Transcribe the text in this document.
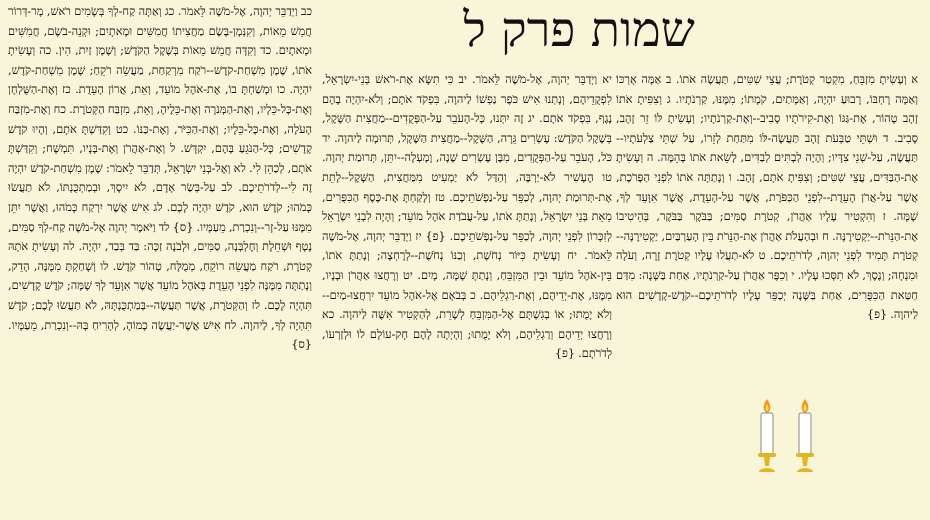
שמות פרק ל
א וְעָשִׂיתָ מִזְבֵּחַ, מִקְטַר קְטֹרֶת; עֲצֵי שִׁטִּים, תַּעֲשֶׂה אֹתוֹ. ב אַמָּה אָרְכּוֹ וְאַמָּה רָחְבּוֹ, רָבוּעַ יִהְיֶה, וְאַמָּתַיִם, קֹמָתוֹ; מִמֶּנּוּ, קַרְנֹתָיו. ג וְצִפִּיתָ אֹתוֹ זָהָב טָהוֹר, אֶת-גַּגּוֹ וְאֶת-קִירֹתָיו סָבִיב--וְאֶת-קַרְנֹתָיו; וְעָשִׂיתָ לּוֹ זֵר זָהָב, סָבִיב. ד וּשְׁתֵּי טַבְּעֹת זָהָב תַּעֲשֶׂה-לּוֹ מִתַּחַת לְזֵרוֹ, עַל שְׁתֵּי צַלְעֹתָיו--תַּעֲשֶׂה, עַל-שְׁנֵי צִדָּיו; וְהָיָה לְבָתִּים לְבַדִּים, לָשֵׂאת אֹתוֹ בָּהֵמָּה. ה וְעָשִׂיתָ אֶת-הַבַּדִּים, עֲצֵי שִׁטִּים; וְצִפִּיתָ אֹתָם, זָהָב. ו וְנָתַתָּה אֹתוֹ לִפְנֵי הַפָּרֹכֶת, אֲשֶׁר עַל-אֲרֹן הָעֵדֻת--לִפְנֵי הַכַּפֹּרֶת, אֲשֶׁר עַל-הָעֵדֻת, אֲשֶׁר אִוָּעֵד לְךָ, שָׁמָּה. ז וְהִקְטִיר עָלָיו אַהֲרֹן, קְטֹרֶת סַמִּים; בַּבֹּקֶר בַּבֹּקֶר, בְּהֵיטִיבוֹ אֶת-הַנֵּרֹת--יַקְטִירֶנָּה. ח וּבְהַעֲלֹת אַהֲרֹן אֶת-הַנֵּרֹת בֵּין הָעַרְבַּיִם, יַקְטִירֶנָּה--קְטֹרֶת תָּמִיד לִפְנֵי יְהוָה, לְדֹרֹתֵיכֶם. ט לֹא-תַעֲלוּ עָלָיו קְטֹרֶת זָרָה, וְעֹלָה וּמִנְחָה; וְנֶסֶךְ, לֹא תִסְּכוּ עָלָיו. י וְכִפֶּר אַהֲרֹן עַל-קַרְנֹתָיו, אַחַת בַּשָּׁנָה: מִדַּם חַטַּאת הַכִּפֻּרִים, אַחַת בַּשָּׁנָה יְכַפֵּר עָלָיו לְדֹרֹתֵיכֶם--קֹדֶשׁ-קָדָשִׁים הוּא לַיהוָה. {פ}
יא וַיְדַבֵּר יְהוָה, אֶל-מֹשֶׁה לֵּאמֹר. יב כִּי תִשָּׂא אֶת-רֹאשׁ בְּנֵי-יִשְׂרָאֵל, לִפְקֻדֵיהֶם, וְנָתְנוּ אִישׁ כֹּפֶר נַפְשׁוֹ לַיהוָה, בִּפְקֹד אֹתָם; וְלֹא-יִהְיֶה בָהֶם נֶגֶף, בִּפְקֹד אֹתָם. יג זֶה יִתְּנוּ, כָּל-הָעֹבֵר עַל-הַפְּקֻדִים--מַחֲצִית הַשֶּׁקֶל, בְּשֶׁקֶל הַקֹּדֶשׁ: עֶשְׂרִים גֵּרָה, הַשֶּׁקֶל--מַחֲצִית הַשֶּׁקֶל, תְּרוּמָה לַיהוָה. יד כֹּל, הָעֹבֵר עַל-הַפְּקֻדִים, מִבֶּן עֶשְׂרִים שָׁנָה, וָמָעְלָה--יִתֵּן, תְּרוּמַת יְהוָה. טו הֶעָשִׁיר לֹא-יַרְבֶּה, וְהַדַּל לֹא יַמְעִיט מִמַּחֲצִית, הַשָּׁקֶל--לָתֵת אֶת-תְּרוּמַת יְהוָה, לְכַפֵּר עַל-נַפְשֹׁתֵיכֶם. טז וְלָקַחְתָּ אֶת-כֶּסֶף הַכִּפֻּרִים, מֵאֵת בְּנֵי יִשְׂרָאֵל, וְנָתַתָּ אֹתוֹ, עַל-עֲבֹדַת אֹהֶל מוֹעֵד; וְהָיָה לִבְנֵי יִשְׂרָאֵל לְזִכָּרוֹן לִפְנֵי יְהוָה, לְכַפֵּר עַל-נַפְשֹׁתֵיכֶם. {פ} יז וַיְדַבֵּר יְהוָה, אֶל-מֹשֶׁה לֵּאמֹר. יח וְעָשִׂיתָ כִּיּוֹר נְחֹשֶׁת, וְכַנּוֹ נְחֹשֶׁת--לְרָחְצָה; וְנָתַתָּ אֹתוֹ, בֵּין-אֹהֶל מוֹעֵד וּבֵין הַמִּזְבֵּחַ, וְנָתַתָּ שָׁמָּה, מָיִם. יט וְרָחֲצוּ אַהֲרֹן וּבָנָיו, מִמֶּנּוּ, אֶת-יְדֵיהֶם, וְאֶת-רַגְלֵיהֶם. כ בְּבֹאָם אֶל-אֹהֶל מוֹעֵד יִרְחֲצוּ-מַיִם--וְלֹא יָמֻתוּ; אוֹ בְגִשְׁתָּם אֶל-הַמִּזְבֵּחַ לְשָׁרֵת, לְהַקְטִיר אִשֶּׁה לַיהוָה. כא וְרָחֲצוּ יְדֵיהֶם וְרַגְלֵיהֶם, וְלֹא יָמֻתוּ; וְהָיְתָה לָהֶם חָק-עוֹלָם לוֹ וּלְזַרְעוֹ, לְדֹרֹתָם. {פ}
כב וַיְדַבֵּר יְהוָה, אֶל-מֹשֶׁה לֵּאמֹר. כג וְאַתָּה קַח-לְךָ בְּשָׂמִים רֹאשׁ, מָר-דְּרוֹר חֲמֵשׁ מֵאוֹת, וְקִנְּמָן-בֶּשֶׂם מַחֲצִיתוֹ חֲמִשִּׁים וּמָאתָיִם; וּקְנֵה-בֹשֶׂם, חֲמִשִּׁים וּמָאתָיִם. כד וְקִדָּה חֲמֵשׁ מֵאוֹת בְּשֶׁקֶל הַקֹּדֶשׁ; וְשֶׁמֶן זַיִת, הִין. כה וְעָשִׂיתָ אֹתוֹ, שֶׁמֶן מִשְׁחַת-קֹדֶשׁ--רֹקַח מִרְקַחַת, מַעֲשֵׂה רֹקֵחַ; שֶׁמֶן מִשְׁחַת-קֹדֶשׁ, יִהְיֶה. כו וּמָשַׁחְתָּ בוֹ, אֶת-אֹהֶל מוֹעֵד, וְאֵת, אֲרוֹן הָעֵדֻת. כז וְאֶת-הַשֻּׁלְחָן וְאֶת-כָּל-כֵּלָיו, וְאֶת-הַמְּנֹרָה וְאֶת-כֵּלֶיהָ, וְאֵת, מִזְבַּח הַקְּטֹרֶת. כח וְאֶת-מִזְבַּח הָעֹלָה, וְאֶת-כָּל-כֵּלָיו; וְאֶת-הַכִּיֹּר, וְאֶת-כַּנּוֹ. כט וְקִדַּשְׁתָּ אֹתָם, וְהָיוּ קֹדֶשׁ קָדָשִׁים; כָּל-הַנֹּגֵעַ בָּהֶם, יִקְדָּשׁ. ל וְאֶת-אַהֲרֹן וְאֶת-בָּנָיו, תִּמְשָׁח; וְקִדַּשְׁתָּ אֹתָם, לְכַהֵן לִי. לא וְאֶל-בְּנֵי יִשְׂרָאֵל, תְּדַבֵּר לֵאמֹר: שֶׁמֶן מִשְׁחַת-קֹדֶשׁ יִהְיֶה זֶה לִי--לְדֹרֹתֵיכֶם. לב עַל-בְּשַׂר אָדָם, לֹא יִיסָךְ, וּבְמַתְכֻּנְתּוֹ, לֹא תַעֲשׂוּ כָּמֹהוּ; קֹדֶשׁ הוּא, קֹדֶשׁ יִהְיֶה לָכֶם. לג אִישׁ אֲשֶׁר יִרְקַח כָּמֹהוּ, וַאֲשֶׁר יִתֵּן מִמֶּנּוּ עַל-זָר--וְנִכְרַת, מֵעַמָּיו. {ס} לד וַיֹּאמֶר יְהוָה אֶל-מֹשֶׁה קַח-לְךָ סַמִּים, נָטָף וּשְׁחֵלֶת וְחֶלְבְּנָה, סַמִּים, וּלְבֹנָה זַכָּה: בַּד בְּבַד, יִהְיֶה. לה וְעָשִׂיתָ אֹתָהּ קְטֹרֶת, רֹקַח מַעֲשֵׂה רוֹקֵחַ, מְמֻלָּח, טָהוֹר קֹדֶשׁ. לו וְשָׁחַקְתָּ מִמֶּנָּה, הָדֵק, וְנָתַתָּה מִמֶּנָּה לִפְנֵי הָעֵדֻת בְּאֹהֶל מוֹעֵד אֲשֶׁר אִוָּעֵד לְךָ שָׁמָּה; קֹדֶשׁ קָדָשִׁים, תִּהְיֶה לָכֶם. לז וְהַקְּטֹרֶת, אֲשֶׁר תַּעֲשֶׂה--בְּמַתְכֻּנְתָּהּ, לֹא תַעֲשׂוּ לָכֶם; קֹדֶשׁ תִּהְיֶה לְךָ, לַיהוָה. לח אִישׁ אֲשֶׁר-יַעֲשֶׂה כָמוֹהָ, לְהָרִיחַ בָּהּ--וְנִכְרַת, מֵעַמָּיו. {ס}
